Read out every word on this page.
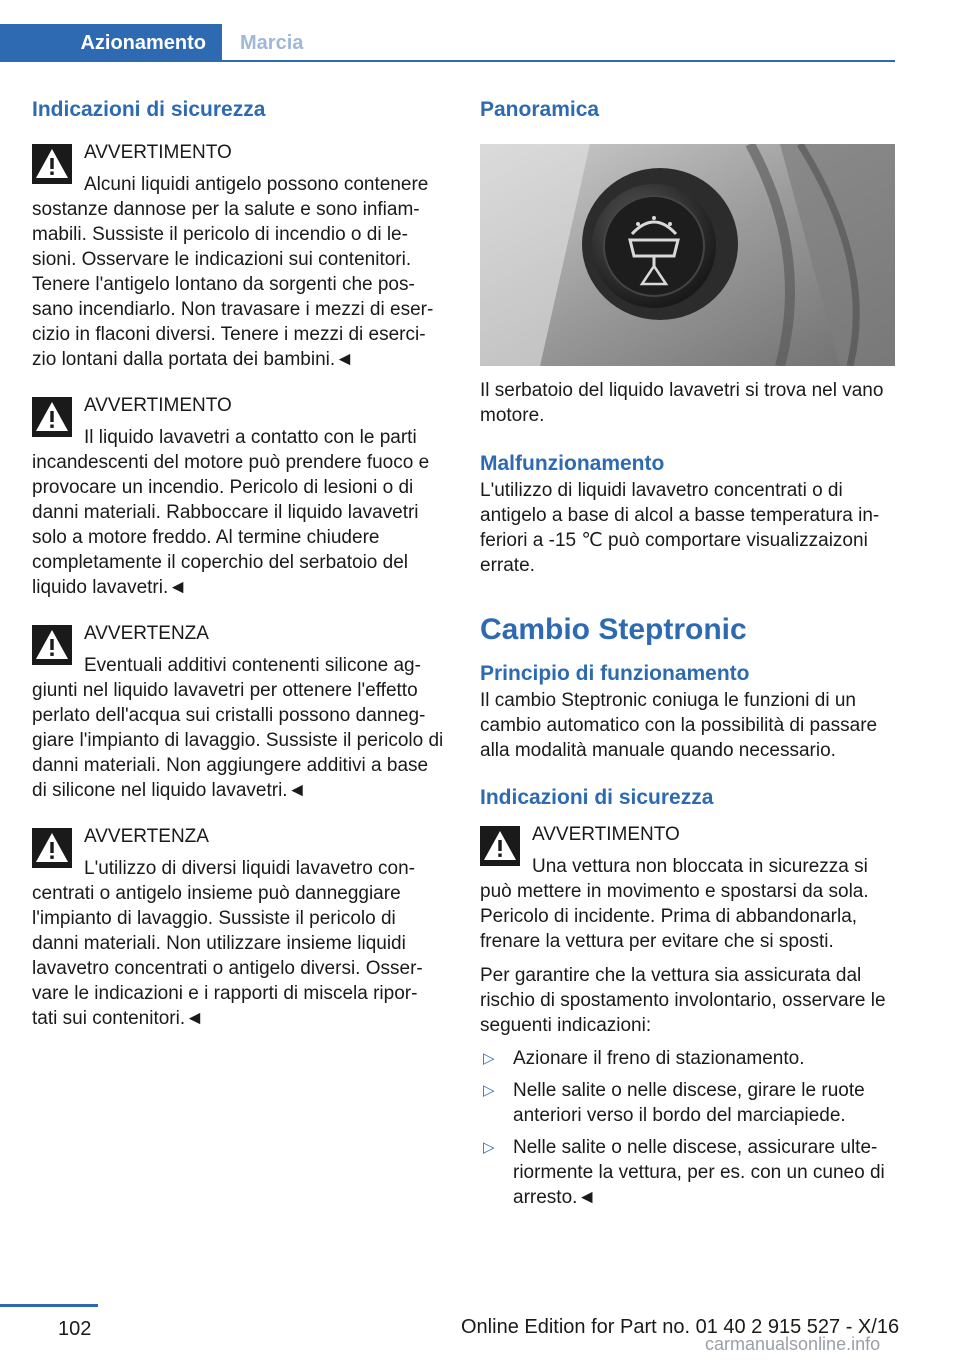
Azionamento	Marcia
Indicazioni di sicurezza
AVVERTIMENTO
Alcuni liquidi antigelo possono contenere sostanze dannose per la salute e sono infiam- mabili. Sussiste il pericolo di incendio o di le- sioni. Osservare le indicazioni sui contenitori. Tenere l'antigelo lontano da sorgenti che pos- sano incendiarlo. Non travasare i mezzi di eser- cizio in flaconi diversi. Tenere i mezzi di eserci- zio lontani dalla portata dei bambini.◄
AVVERTIMENTO
Il liquido lavavetri a contatto con le parti incandescenti del motore può prendere fuoco e provocare un incendio. Pericolo di lesioni o di danni materiali. Rabboccare il liquido lavavetri solo a motore freddo. Al termine chiudere completamente il coperchio del serbatoio del liquido lavavetri.◄
AVVERTENZA
Eventuali additivi contenenti silicone ag- giunti nel liquido lavavetri per ottenere l'effetto perlato dell'acqua sui cristalli possono danneg- giare l'impianto di lavaggio. Sussiste il pericolo di danni materiali. Non aggiungere additivi a base di silicone nel liquido lavavetri.◄
AVVERTENZA
L'utilizzo di diversi liquidi lavavetro con- centrati o antigelo insieme può danneggiare l'impianto di lavaggio. Sussiste il pericolo di danni materiali. Non utilizzare insieme liquidi lavavetro concentrati o antigelo diversi. Osser- vare le indicazioni e i rapporti di miscela ripor- tati sui contenitori.◄
Panoramica

Il serbatoio del liquido lavavetri si trova nel vano motore.

Malfunzionamento

L'utilizzo di liquidi lavavetro concentrati o di antigelo a base di alcol a basse temperatura in- feriori a -15 ℃ può comportare visualizzaizoni errate.

Cambio Steptronic
Principio di funzionamento

Il cambio Steptronic coniuga le funzioni di un cambio automatico con la possibilità di passare alla modalità manuale quando necessario.

Indicazioni di sicurezza
AVVERTIMENTO
Una vettura non bloccata in sicurezza si può mettere in movimento e spostarsi da sola. Pericolo di incidente. Prima di abbandonarla, frenare la vettura per evitare che si sposti.

Per garantire che la vettura sia assicurata dal rischio di spostamento involontario, osservare le seguenti indicazioni:

▷ Azionare il freno di stazionamento.
▷ Nelle salite o nelle discese, girare le ruote anteriori verso il bordo del marciapiede.
▷ Nelle salite o nelle discese, assicurare ulte- riormente la vettura, per es. con un cuneo di arresto.◄
102	Online Edition for Part no. 01 40 2 915 527 - X/16
carmanualsonline.info
